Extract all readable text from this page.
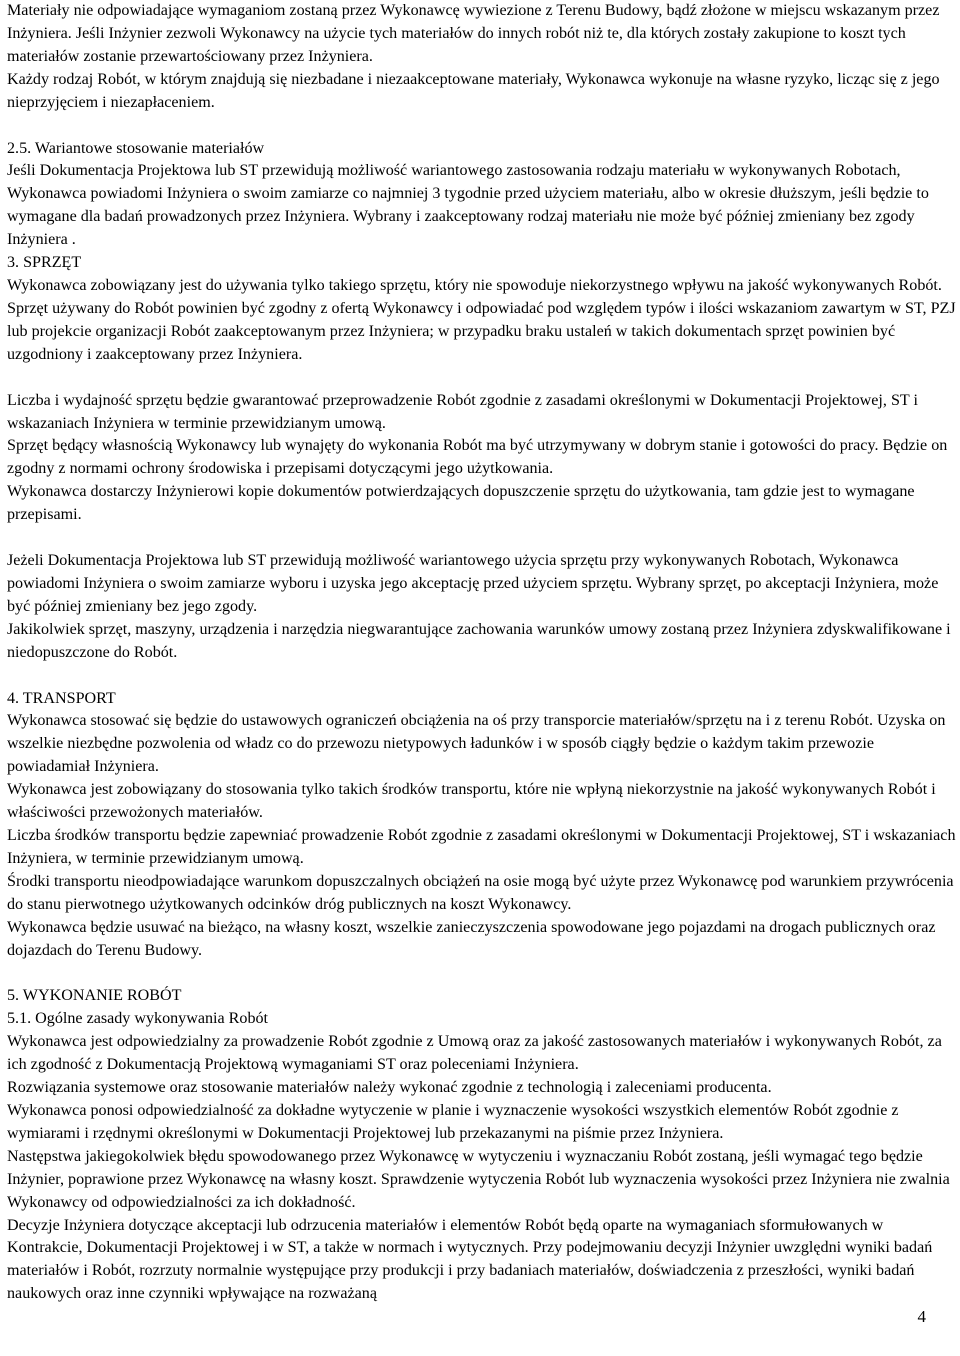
Materiały nie odpowiadające wymaganiom zostaną przez Wykonawcę wywiezione z Terenu Budowy, bądź złożone w miejscu wskazanym przez Inżyniera. Jeśli Inżynier zezwoli Wykonawcy na użycie tych materiałów do innych robót niż te, dla których zostały zakupione to koszt tych materiałów zostanie przewartościowany przez Inżyniera.

Każdy rodzaj Robót, w którym znajdują się niezbadane i niezaakceptowane materiały, Wykonawca wykonuje na własne ryzyko, licząc się z jego nieprzyjęciem i niezapłaceniem.

2.5. Wariantowe stosowanie materiałów

Jeśli Dokumentacja Projektowa lub ST przewidują możliwość wariantowego zastosowania rodzaju materiału w wykonywanych Robotach, Wykonawca powiadomi Inżyniera o swoim zamiarze co najmniej 3 tygodnie przed użyciem materiału, albo w okresie dłuższym, jeśli będzie to wymagane dla badań prowadzonych przez Inżyniera. Wybrany i zaakceptowany rodzaj materiału nie może być później zmieniany bez zgody Inżyniera .

3. SPRZĘT

Wykonawca zobowiązany jest do używania tylko takiego sprzętu, który nie spowoduje niekorzystnego wpływu na jakość wykonywanych Robót. Sprzęt używany do Robót powinien być zgodny z ofertą Wykonawcy i odpowiadać pod względem typów i ilości wskazaniom zawartym w ST, PZJ lub projekcie organizacji Robót zaakceptowanym przez Inżyniera; w przypadku braku ustaleń w takich dokumentach sprzęt powinien być uzgodniony i zaakceptowany przez Inżyniera.

Liczba i wydajność sprzętu będzie gwarantować przeprowadzenie Robót zgodnie z zasadami określonymi w Dokumentacji Projektowej, ST i wskazaniach Inżyniera w terminie przewidzianym umową.

Sprzęt będący własnością Wykonawcy lub wynajęty do wykonania Robót ma być utrzymywany w dobrym stanie i gotowości do pracy. Będzie on zgodny z normami ochrony środowiska i przepisami dotyczącymi jego użytkowania.

Wykonawca dostarczy Inżynierowi kopie dokumentów potwierdzających dopuszczenie sprzętu do użytkowania, tam gdzie jest to wymagane przepisami.

Jeżeli Dokumentacja Projektowa lub ST przewidują możliwość wariantowego użycia sprzętu przy wykonywanych Robotach, Wykonawca powiadomi Inżyniera o swoim zamiarze wyboru i uzyska jego akceptację przed użyciem sprzętu. Wybrany sprzęt, po akceptacji Inżyniera, może być później zmieniany bez jego zgody.

Jakikolwiek sprzęt, maszyny, urządzenia i narzędzia niegwarantujące zachowania warunków umowy zostaną przez Inżyniera zdyskwalifikowane i niedopuszczone do Robót.

4. TRANSPORT

Wykonawca stosować się będzie do ustawowych ograniczeń obciążenia na oś przy transporcie materiałów/sprzętu na i z terenu Robót. Uzyska on wszelkie niezbędne pozwolenia od władz co do przewozu nietypowych ładunków i w sposób ciągły będzie o każdym takim przewozie powiadamiał Inżyniera.

Wykonawca jest zobowiązany do stosowania tylko takich środków transportu, które nie wpłyną niekorzystnie na jakość wykonywanych Robót i właściwości przewożonych materiałów.

Liczba środków transportu będzie zapewniać prowadzenie Robót zgodnie z zasadami określonymi w Dokumentacji Projektowej, ST i wskazaniach Inżyniera, w terminie przewidzianym umową.

Środki transportu nieodpowiadające warunkom dopuszczalnych obciążeń na osie mogą być użyte przez Wykonawcę pod warunkiem przywrócenia do stanu pierwotnego użytkowanych odcinków dróg publicznych na koszt Wykonawcy.

Wykonawca będzie usuwać na bieżąco, na własny koszt, wszelkie zanieczyszczenia spowodowane jego pojazdami na drogach publicznych oraz dojazdach do Terenu Budowy.

5. WYKONANIE ROBÓT

5.1. Ogólne zasady wykonywania Robót

Wykonawca jest odpowiedzialny za prowadzenie Robót zgodnie z Umową oraz za jakość zastosowanych materiałów i wykonywanych Robót, za ich zgodność z Dokumentacją Projektową wymaganiami ST oraz poleceniami Inżyniera.

Rozwiązania systemowe oraz stosowanie materiałów należy wykonać zgodnie z technologią i zaleceniami producenta.

Wykonawca ponosi odpowiedzialność za dokładne wytyczenie w planie i wyznaczenie wysokości wszystkich elementów Robót zgodnie z wymiarami i rzędnymi określonymi w Dokumentacji Projektowej lub przekazanymi na piśmie przez Inżyniera.

Następstwa jakiegokolwiek błędu spowodowanego przez Wykonawcę w wytyczeniu i wyznaczaniu Robót zostaną, jeśli wymagać tego będzie Inżynier, poprawione przez Wykonawcę na własny koszt. Sprawdzenie wytyczenia Robót lub wyznaczenia wysokości przez Inżyniera nie zwalnia Wykonawcy od odpowiedzialności za ich dokładność.

Decyzje Inżyniera dotyczące akceptacji lub odrzucenia materiałów i elementów Robót będą oparte na wymaganiach sformułowanych w Kontrakcie, Dokumentacji Projektowej i w ST, a także w normach i wytycznych. Przy podejmowaniu decyzji Inżynier uwzględni wyniki badań materiałów i Robót, rozrzuty normalnie występujące przy produkcji i przy badaniach materiałów, doświadczenia z przeszłości, wyniki badań naukowych oraz inne czynniki wpływające na rozważaną

4
